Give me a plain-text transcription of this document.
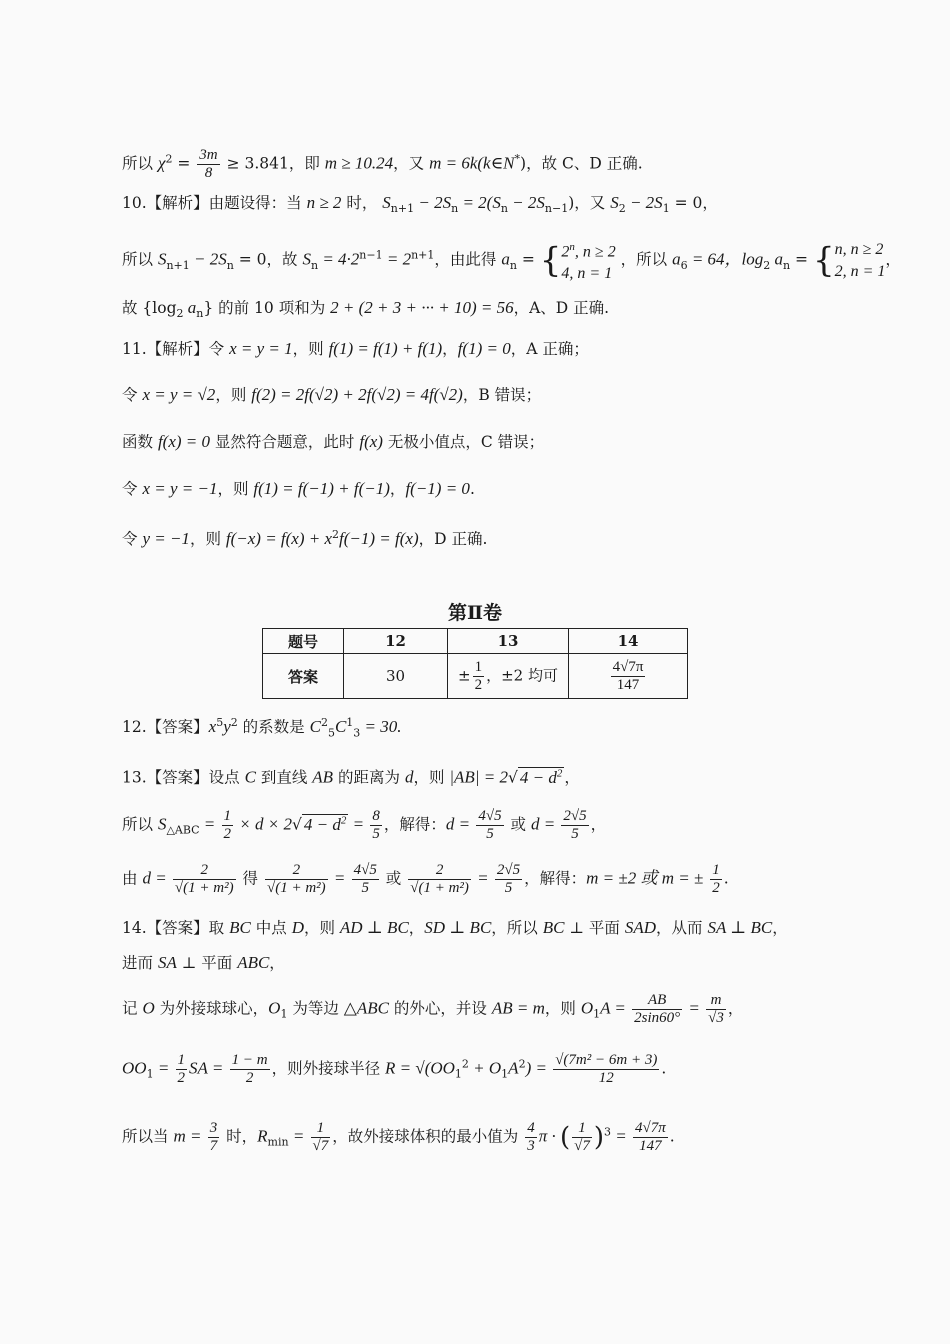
所以 $\chi^2 = \frac{3m}{8} \ge 3.841$，即 m ≥ 10.24，又 m = 6k(k∈N*)，故 C、D 正确.
10.【解析】由题设得：当 n ≥ 2 时， $S_{n+1} - 2S_n = 2(S_n - 2S_{n-1})$，又 $S_2 - 2S_1 = 0$，
所以 $S_{n+1} - 2S_n = 0$，故 $S_n = 4\cdot 2^{n-1} = 2^{n+1}$，由此得 $a_n = \{2^n$, n ≥ 2
4, n = 1 ，所以 $a_6 = 64$，$\log_2 a_n = \{n$, n ≥ 2
2, n = 1，
故 {$\log_2$ $a_n$} 的前 10 项和为 2 + (2 + 3 + ··· + 10) = 56，A、D 正确.
11.【解析】令 x = y = 1，则 f(1) = f(1) + f(1)，f(1) = 0，A 正确；
令 x = y = √2，则 f(2) = 2f(√2) + 2f(√2) = 4f(√2)，B 错误；
函数 f(x) = 0 显然符合题意，此时 f(x) 无极小值点，C 错误；
令 x = y = −1，则 f(1) = f(−1) + f(−1)，f(−1) = 0.
令 y = −1，则 $f(-x) = f(x) + x^2f(-1) = f(x)$，D 正确.
第Ⅱ卷
题号	12	13	14
答案	30	± $\frac{1}{2}$ ，±2 均可	$\frac{4√7\pi}{147}$
12.【答案】$x^5y^2$ 的系数是 $C^2_5C^1_3 = 30$.
13.【答案】设点 C 到直线 AB 的距离为 d，则 |AB| = 2√ $4 - d^2$ ，
所以 $S_{\triangle ABC} = \frac{1}{2} \times d \times 2√$ $4 - d^2 = \frac{8}{5}$ ，解得：$d = \frac{4√5}{5}$ 或 $d = \frac{2√5}{5}$ ，
由 $d = \frac{2}{\text{√(1 + m²)}}$ 得 $\frac{2}{\text{√(1 + m²)}} = \frac{4√5}{5}$ 或 $\frac{2}{\text{√(1 + m²)}} = \frac{2√5}{5}$ ，解得：m = ±2 或 m = ± $\frac{1}{2}$ .
14.【答案】取 BC 中点 D，则 AD ⊥ BC，SD ⊥ BC，所以 BC ⊥ 平面 SAD，从而 SA ⊥ BC，
进而 SA ⊥ 平面 ABC，
记 O 为外接球球心，$O_1$ 为等边 △ABC 的外心，并设 AB = m，则 $O_1A = \frac{AB}{2\sin 60^\circ} = \frac{m}{√3}$ ，
$OO_1 = \frac{1}{2}$ SA = $\frac{1 - m}{2}$ ，则外接球半径 $R = √(OO_1^2 + O_1A^2) = \frac{\text{√(7m² − 6m + 3)}}{12}$ .
所以当 $m = \frac{3}{7}$ 时，$R_{min} = \frac{1}{√7}$ ，故外接球体积的最小值为 $\frac{4}{3}$ π · ( $\frac{1}{√7} )^3 = \frac{4√7\pi}{147}$ .
